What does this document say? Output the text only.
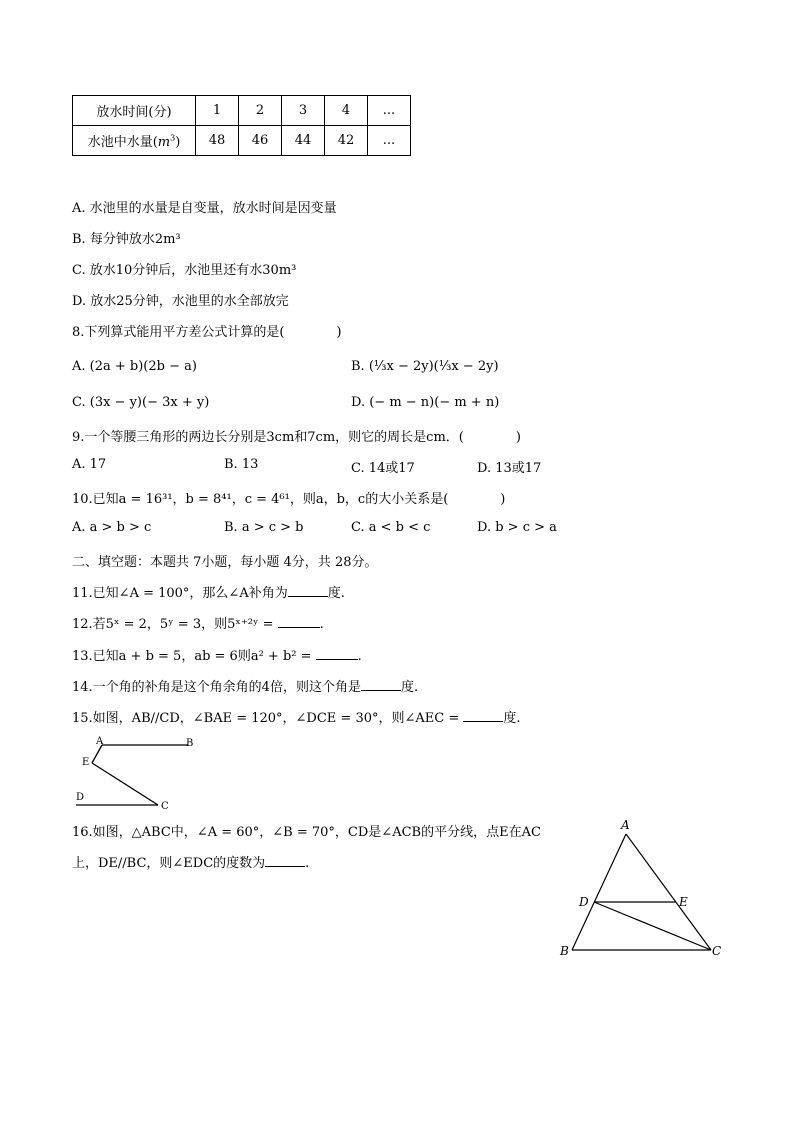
放水时间(分)	1	2	3	4	...
水池中水量$(m^3)$	48	46	44	42	...
A. 水池里的水量是自变量，放水时间是因变量
B. 每分钟放水2m³
C. 放水10分钟后，水池里还有水30m³
D. 放水25分钟，水池里的水全部放完
8.下列算式能用平方差公式计算的是(　　　　)
A. (2a + b)(2b − a)	B. (⅓x − 2y)(⅓x − 2y)
C. (3x − y)(− 3x + y)	D. (− m − n)(− m + n)
9.一个等腰三角形的两边长分别是3cm和7cm，则它的周长是cm．(　　　　)
A. 17	B. 13	C. 14或17	D. 13或17
10.已知a = 16³¹，b = 8⁴¹，c = 4⁶¹，则a，b，c的大小关系是(　　　　)
A. a > b > c	B. a > c > b	C. a < b < c	D. b > c > a
二、填空题：本题共 7小题，每小题 4分，共 28分。
11.已知∠A = 100°，那么∠A补角为	度.
12.若5ˣ = 2，5ʸ = 3，则5ˣ⁺²ʸ =	.
13.已知a + b = 5，ab = 6则a² + b² =	.
14.一个角的补角是这个角余角的4倍，则这个角是	度.
15.如图，AB//CD，∠BAE = 120°，∠DCE = 30°，则∠AEC =	度.
A	B
E
D
C
16.如图，△ABC中，∠A = 60°，∠B = 70°，CD是∠ACB的平分线，点E在AC
上，DE//BC，则∠EDC的度数为	.
A
B	C
D	E
